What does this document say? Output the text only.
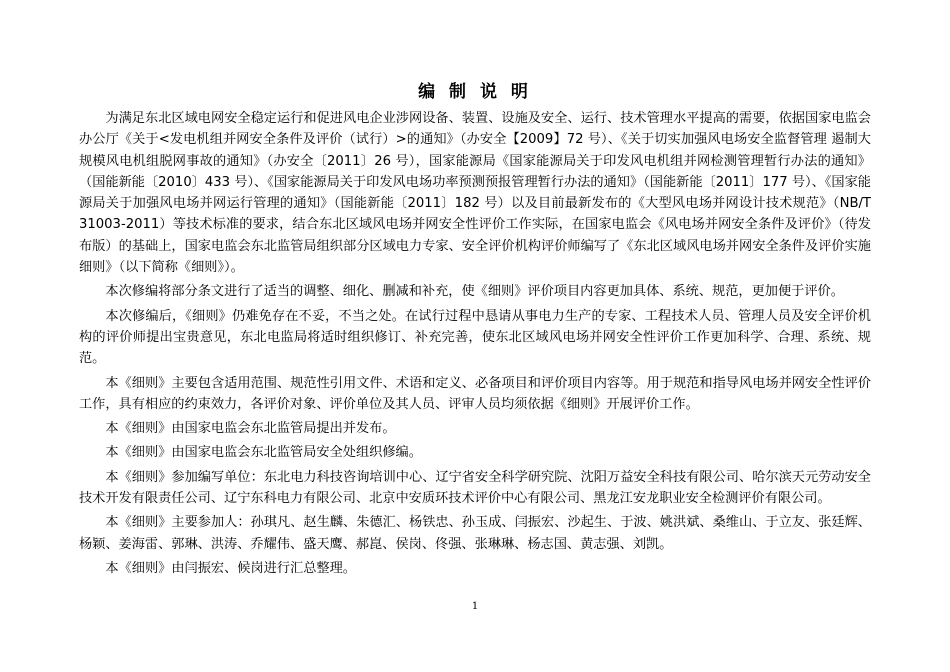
编 制 说 明

为满足东北区域电网安全稳定运行和促进风电企业涉网设备、装置、设施及安全、运行、技术管理水平提高的需要，依据国家电监会办公厅《关于<发电机组并网安全条件及评价（试行）>的通知》（办安全【2009】72 号）、《关于切实加强风电场安全监督管理 遏制大规模风电机组脱网事故的通知》（办安全〔2011〕26 号），国家能源局《国家能源局关于印发风电机组并网检测管理暂行办法的通知》（国能新能〔2010〕433 号）、《国家能源局关于印发风电场功率预测预报管理暂行办法的通知》（国能新能〔2011〕177 号）、《国家能源局关于加强风电场并网运行管理的通知》（国能新能〔2011〕182 号）以及目前最新发布的《大型风电场并网设计技术规范》（NB/T 31003-2011）等技术标准的要求，结合东北区域风电场并网安全性评价工作实际，在国家电监会《风电场并网安全条件及评价》（待发布版）的基础上，国家电监会东北监管局组织部分区域电力专家、安全评价机构评价师编写了《东北区域风电场并网安全条件及评价实施细则》（以下简称《细则》）。

本次修编将部分条文进行了适当的调整、细化、删减和补充，使《细则》评价项目内容更加具体、系统、规范，更加便于评价。

本次修编后，《细则》仍难免存在不妥，不当之处。在试行过程中恳请从事电力生产的专家、工程技术人员、管理人员及安全评价机构的评价师提出宝贵意见，东北电监局将适时组织修订、补充完善，使东北区域风电场并网安全性评价工作更加科学、合理、系统、规范。

本《细则》主要包含适用范围、规范性引用文件、术语和定义、必备项目和评价项目内容等。用于规范和指导风电场并网安全性评价工作，具有相应的约束效力，各评价对象、评价单位及其人员、评审人员均须依据《细则》开展评价工作。

本《细则》由国家电监会东北监管局提出并发布。

本《细则》由国家电监会东北监管局安全处组织修编。

本《细则》参加编写单位：东北电力科技咨询培训中心、辽宁省安全科学研究院、沈阳万益安全科技有限公司、哈尔滨天元劳动安全技术开发有限责任公司、辽宁东科电力有限公司、北京中安质环技术评价中心有限公司、黑龙江安龙职业安全检测评价有限公司。

本《细则》主要参加人：孙琪凡、赵生麟、朱德汇、杨铁忠、孙玉成、闫振宏、沙起生、于波、姚洪斌、桑维山、于立友、张廷辉、杨颖、姜海雷、郭琳、洪涛、乔耀伟、盛天鹰、郝崑、侯岗、佟强、张琳琳、杨志国、黄志强、刘凯。

本《细则》由闫振宏、候岗进行汇总整理。

1
